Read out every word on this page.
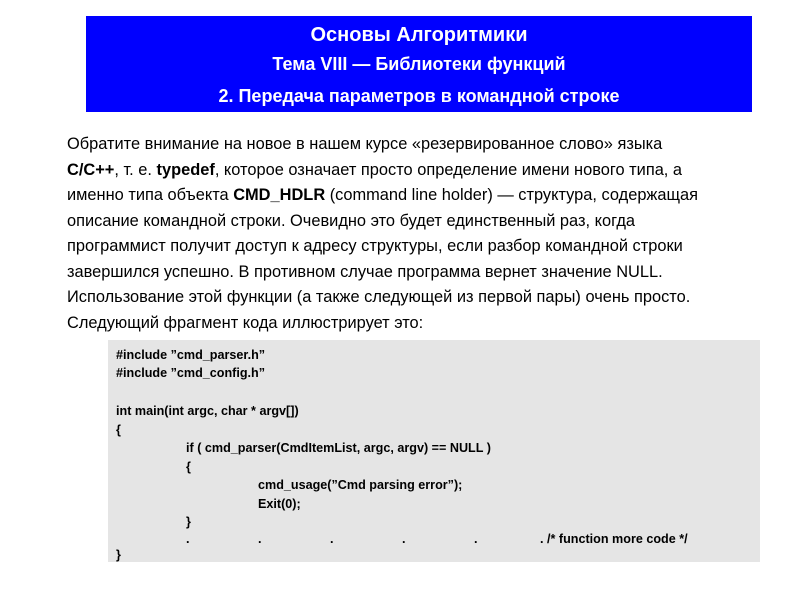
Основы Алгоритмики
Тема VIII — Библиотеки функций
2. Передача параметров в командной строке
Обратите внимание на новое в нашем курсе «резервированное слово» языка
С/С++, т. е. typedef, которое означает просто определение имени нового типа, а
именно типа объекта CMD_HDLR (command line holder) — структура, содержащая
описание командной строки. Очевидно это будет единственный раз, когда
программист получит доступ к адресу структуры, если разбор командной строки
завершился успешно. В противном случае программа вернет значение NULL.
Использование этой функции (а также следующей из первой пары) очень просто.
Следующий фрагмент кода иллюстрирует это:
#include ”cmd_parser.h”
#include ”cmd_config.h”
int main(int argc, char * argv[])
{
if ( cmd_parser(CmdItemList, argc, argv) == NULL )
{
cmd_usage(”Cmd parsing error”);
Exit(0);
}
.	.	.	.	.	. /* function more code */
}
